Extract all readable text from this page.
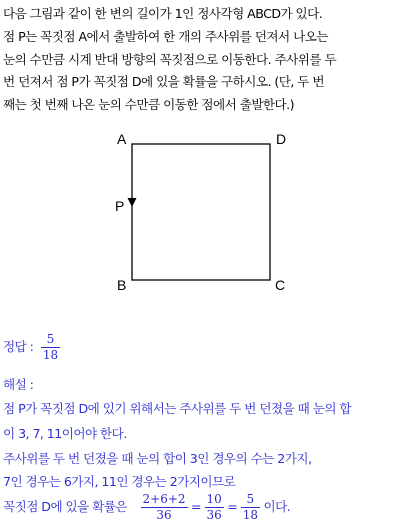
다음 그림과 같이 한 변의 길이가 1인 정사각형 ABCD가 있다.
점 P는 꼭짓점 A에서 출발하여 한 개의 주사위를 던져서 나오는
눈의 수만큼 시계 반대 방향의 꼭짓점으로 이동한다. 주사위를 두
번 던져서 점 P가 꼭짓점 D에 있을 확률을 구하시오. (단, 두 번
째는 첫 번째 나온 눈의 수만큼 이동한 점에서 출발한다.)
A	D
P
B	C
정답 : $\frac{5}{18}$
해설 :
점 P가 꼭짓점 D에 있기 위해서는 주사위를 두 번 던졌을 때 눈의 합
이 3, 7, 11이어야 한다.
주사위를 두 번 던졌을 때 눈의 합이 3인 경우의 수는 2가지,
7인 경우는 6가지, 11인 경우는 2가지이므로
꼭짓점 D에 있을 확률은 $\frac{2+6+2}{36} = \frac{10}{36} = \frac{5}{18}$ 이다.
